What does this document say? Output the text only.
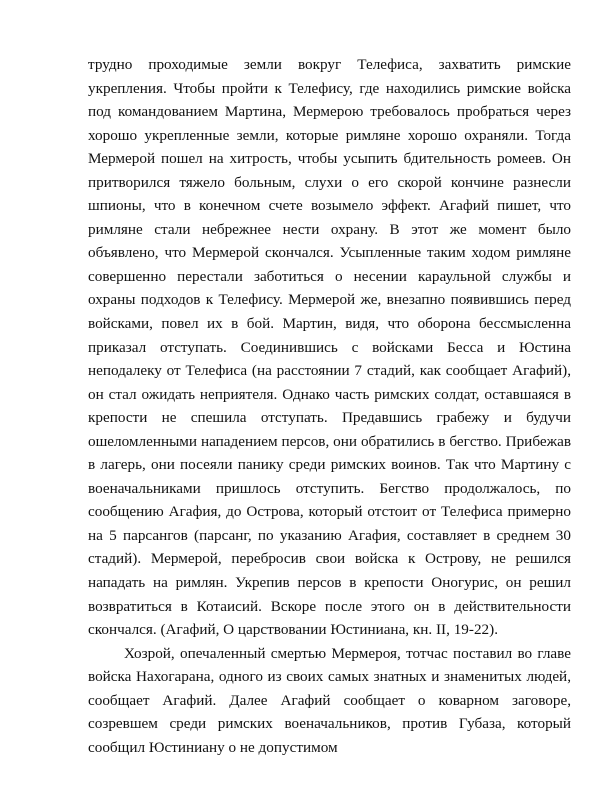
трудно проходимые земли вокруг Телефиса, захватить римские укрепления. Чтобы пройти к Телефису, где находились римские войска под командованием Мартина, Мермерою требовалось пробраться через хорошо укрепленные земли, которые римляне хорошо охраняли. Тогда Мермерой пошел на хитрость, чтобы усыпить бдительность ромеев. Он притворился тяжело больным, слухи о его скорой кончине разнесли шпионы, что в конечном счете возымело эффект. Агафий пишет, что римляне стали небрежнее нести охрану. В этот же момент было объявлено, что Мермерой скончался. Усыпленные таким ходом римляне совершенно перестали заботиться о несении караульной службы и охраны подходов к Телефису. Мермерой же, внезапно появившись перед войсками, повел их в бой. Мартин, видя, что оборона бессмысленна приказал отступать. Соединившись с войсками Бесса и Юстина неподалеку от Телефиса (на расстоянии 7 стадий, как сообщает Агафий), он стал ожидать неприятеля. Однако часть римских солдат, оставшаяся в крепости не спешила отступать. Предавшись грабежу и будучи ошеломленными нападением персов, они обратились в бегство. Прибежав в лагерь, они посеяли панику среди римских воинов. Так что Мартину с военачальниками пришлось отступить. Бегство продолжалось, по сообщению Агафия, до Острова, который отстоит от Телефиса примерно на 5 парсангов (парсанг, по указанию Агафия, составляет в среднем 30 стадий). Мермерой, перебросив свои войска к Острову, не решился нападать на римлян. Укрепив персов в крепости Оногурис, он решил возвратиться в Котаисий. Вскоре после этого он в действительности скончался. (Агафий, О царствовании Юстиниана, кн. II, 19-22).

Хозрой, опечаленный смертью Мермероя, тотчас поставил во главе войска Нахогарана, одного из своих самых знатных и знаменитых людей, сообщает Агафий. Далее Агафий сообщает о коварном заговоре, созревшем среди римских военачальников, против Губаза, который сообщил Юстиниану о не допустимом
